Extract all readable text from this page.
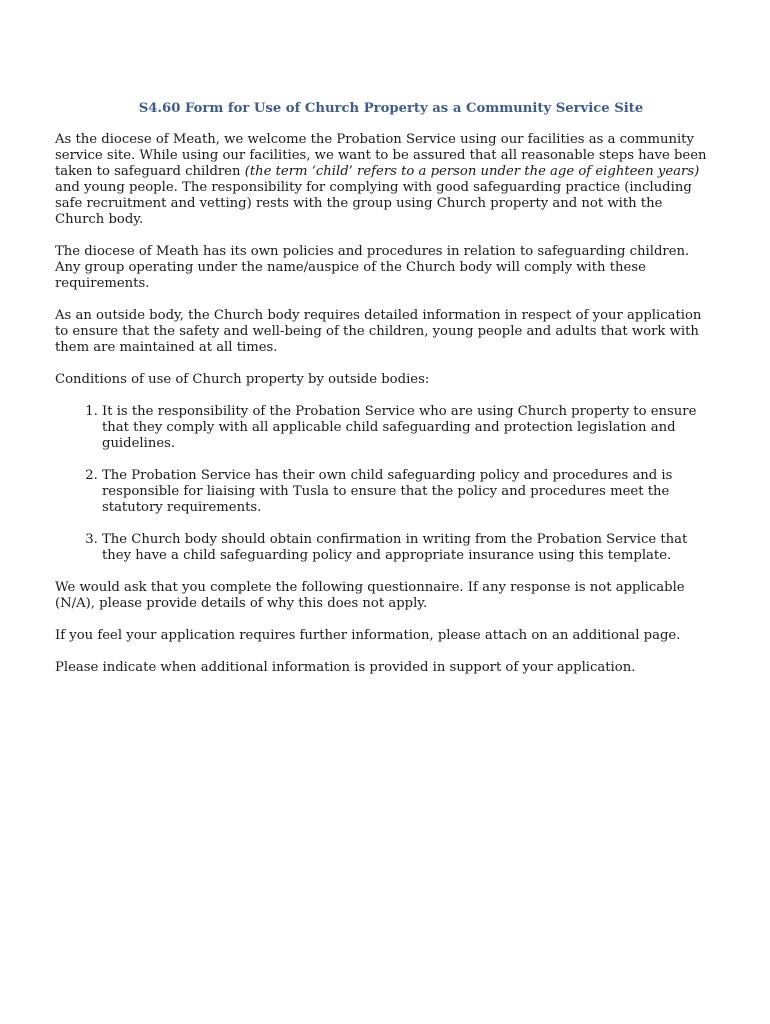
S4.60 Form for Use of Church Property as a Community Service Site

As the diocese of Meath, we welcome the Probation Service using our facilities as a community service site. While using our facilities, we want to be assured that all reasonable steps have been taken to safeguard children (the term ‘child’ refers to a person under the age of eighteen years) and young people. The responsibility for complying with good safeguarding practice (including safe recruitment and vetting) rests with the group using Church property and not with the Church body.

The diocese of Meath has its own policies and procedures in relation to safeguarding children. Any group operating under the name/auspice of the Church body will comply with these requirements.

As an outside body, the Church body requires detailed information in respect of your application to ensure that the safety and well-being of the children, young people and adults that work with them are maintained at all times.

Conditions of use of Church property by outside bodies:

1. It is the responsibility of the Probation Service who are using Church property to ensure that they comply with all applicable child safeguarding and protection legislation and guidelines.
2. The Probation Service has their own child safeguarding policy and procedures and is responsible for liaising with Tusla to ensure that the policy and procedures meet the statutory requirements.
3. The Church body should obtain confirmation in writing from the Probation Service that they have a child safeguarding policy and appropriate insurance using this template.

We would ask that you complete the following questionnaire. If any response is not applicable (N/A), please provide details of why this does not apply.

If you feel your application requires further information, please attach on an additional page.

Please indicate when additional information is provided in support of your application.
